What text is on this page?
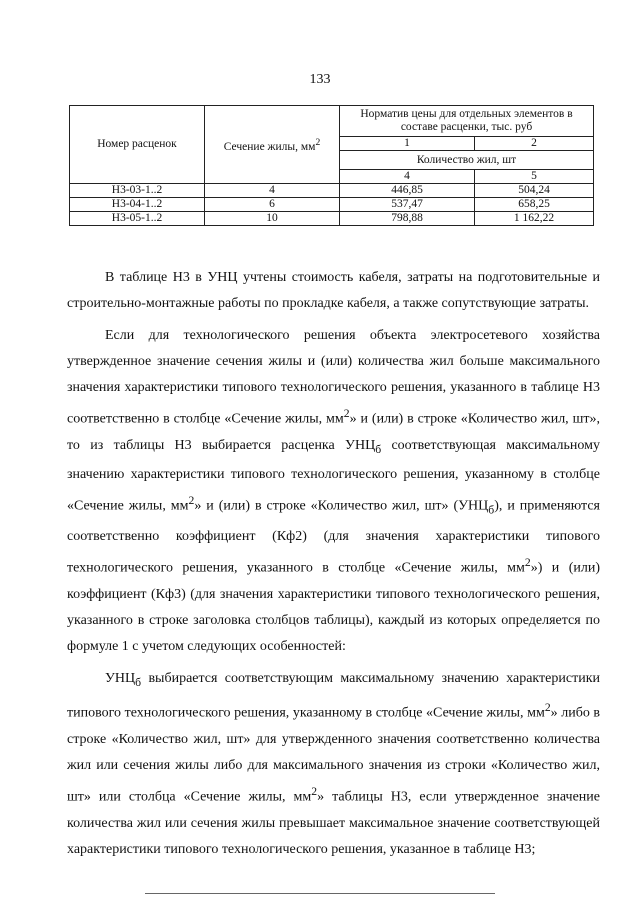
133
Номер расценок	Сечение жилы, $мм^2$	Норматив цены для отдельных элементов в составе расценки, тыс. руб	
		1	2
		Количество жил, шт	
		4	5
Н3-03-1..2	4	446,85	504,24
Н3-04-1..2	6	537,47	658,25
Н3-05-1..2	10	798,88	1 162,22

В таблице Н3 в УНЦ учтены стоимость кабеля, затраты на подготовительные и строительно-монтажные работы по прокладке кабеля, а также сопутствующие затраты.

Если для технологического решения объекта электросетевого хозяйства утвержденное значение сечения жилы и (или) количества жил больше максимального значения характеристики типового технологического решения, указанного в таблице Н3 соответственно в столбце «Сечение жилы, $мм^2$» и (или) в строке «Количество жил, шт», то из таблицы Н3 выбирается расценка $УНЦ_б$ соответствующая максимальному значению характеристики типового технологического решения, указанному в столбце «Сечение жилы, $мм^2$» и (или) в строке «Количество жил, шт» $(УНЦ_б)$, и применяются соответственно коэффициент (Кф2) (для значения характеристики типового технологического решения, указанного в столбце «Сечение жилы, $мм^2$») и (или) коэффициент (Кф3) (для значения характеристики типового технологического решения, указанного в строке заголовка столбцов таблицы), каждый из которых определяется по формуле 1 с учетом следующих особенностей:

$УНЦ_б$ выбирается соответствующим максимальному значению характеристики типового технологического решения, указанному в столбце «Сечение жилы, $мм^2$» либо в строке «Количество жил, шт» для утвержденного значения соответственно количества жил или сечения жилы либо для максимального значения из строки «Количество жил, шт» или столбца «Сечение жилы, $мм^2$» таблицы Н3, если утвержденное значение количества жил или сечения жилы превышает максимальное значение соответствующей характеристики типового технологического решения, указанное в таблице Н3;
